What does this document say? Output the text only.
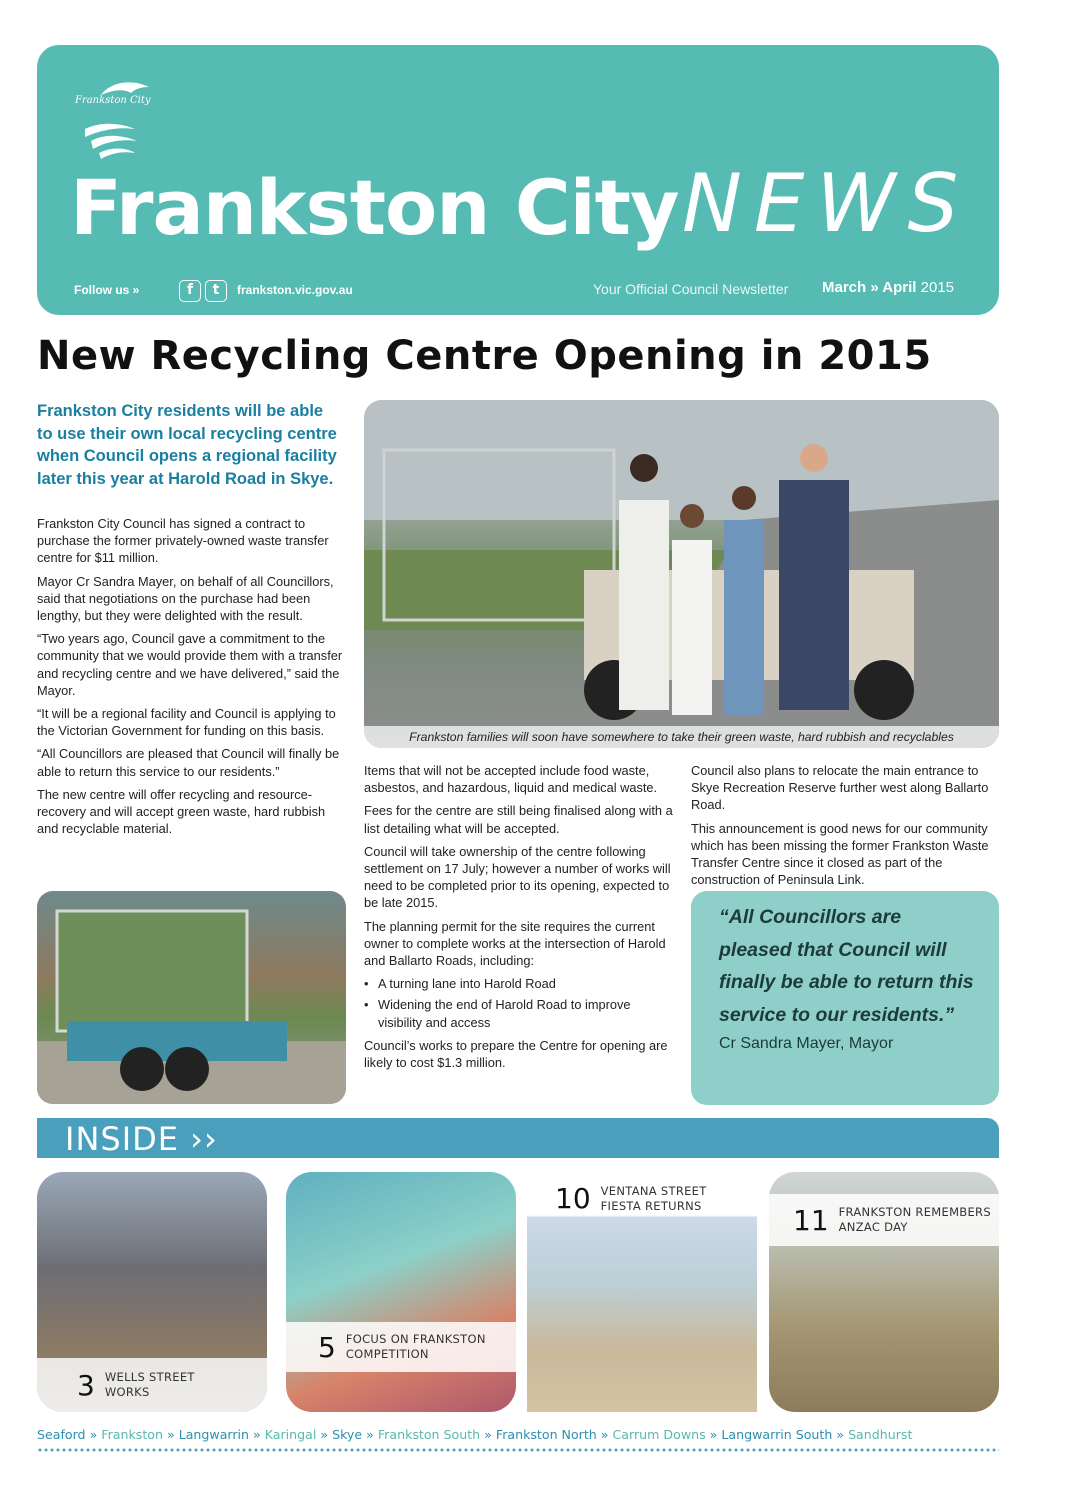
Frankston City
Frankston City NEWS
Follow us »	f	t	frankston.vic.gov.au	Your Official Council Newsletter March » April 2015
New Recycling Centre Opening in 2015
Frankston City residents will be able to use their own local recycling centre when Council opens a regional facility later this year at Harold Road in Skye.

Frankston City Council has signed a contract to purchase the former privately-owned waste transfer centre for $11 million.

Mayor Cr Sandra Mayer, on behalf of all Councillors, said that negotiations on the purchase had been lengthy, but they were delighted with the result.

“Two years ago, Council gave a commitment to the community that we would provide them with a transfer and recycling centre and we have delivered,” said the Mayor.

“It will be a regional facility and Council is applying to the Victorian Government for funding on this basis.

“All Councillors are pleased that Council will finally be able to return this service to our residents.”

The new centre will offer recycling and resource-recovery and will accept green waste, hard rubbish and recyclable material.

Frankston families will soon have somewhere to take their green waste, hard rubbish and recyclables

Items that will not be accepted include food waste, asbestos, and hazardous, liquid and medical waste.

Fees for the centre are still being finalised along with a list detailing what will be accepted.

Council will take ownership of the centre following settlement on 17 July; however a number of works will need to be completed prior to its opening, expected to be late 2015.

The planning permit for the site requires the current owner to complete works at the intersection of Harold and Ballarto Roads, including:

• A turning lane into Harold Road
• Widening the end of Harold Road to improve visibility and access

Council’s works to prepare the Centre for opening are likely to cost $1.3 million.

Council also plans to relocate the main entrance to Skye Recreation Reserve further west along Ballarto Road.

This announcement is good news for our community which has been missing the former Frankston Waste Transfer Centre since it closed as part of the construction of Peninsula Link.

“All Councillors are pleased that Council will finally be able to return this service to our residents.”
Cr Sandra Mayer, Mayor
INSIDE ››
3 WELLS STREET
WORKS
5 FOCUS ON FRANKSTON
COMPETITION
10 VENTANA STREET
FIESTA RETURNS	11 FRANKSTON REMEMBERS
ANZAC DAY
Seaford » Frankston » Langwarrin » Karingal » Skye » Frankston South » Frankston North » Carrum Downs » Langwarrin South » Sandhurst
